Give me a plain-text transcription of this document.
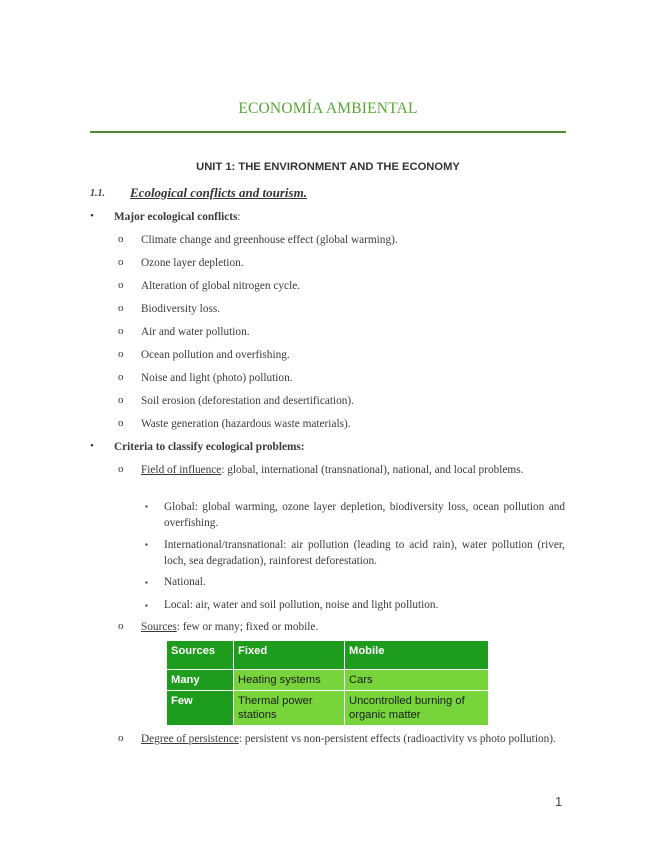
ECONOMÍA AMBIENTAL
UNIT 1: THE ENVIRONMENT AND THE ECONOMY
1.1. Ecological conflicts and tourism.
• Major ecological conflicts:
o Climate change and greenhouse effect (global warming).
o Ozone layer depletion.
o Alteration of global nitrogen cycle.
o Biodiversity loss.
o Air and water pollution.
o Ocean pollution and overfishing.
o Noise and light (photo) pollution.
o Soil erosion (deforestation and desertification).
o Waste generation (hazardous waste materials).
• Criteria to classify ecological problems:
o Field of influence: global, international (transnational), national, and local problems.
▪ Global: global warming, ozone layer depletion, biodiversity loss, ocean pollution and overfishing.
▪ International/transnational: air pollution (leading to acid rain), water pollution (river, loch, sea degradation), rainforest deforestation.
▪ National.
▪ Local: air, water and soil pollution, noise and light pollution.
o Sources: few or many; fixed or mobile.
Sources	Fixed	Mobile
Many	Heating systems	Cars
Few	Thermal power stations	Uncontrolled burning of organic matter
o Degree of persistence: persistent vs non-persistent effects (radioactivity vs photo pollution).
1
